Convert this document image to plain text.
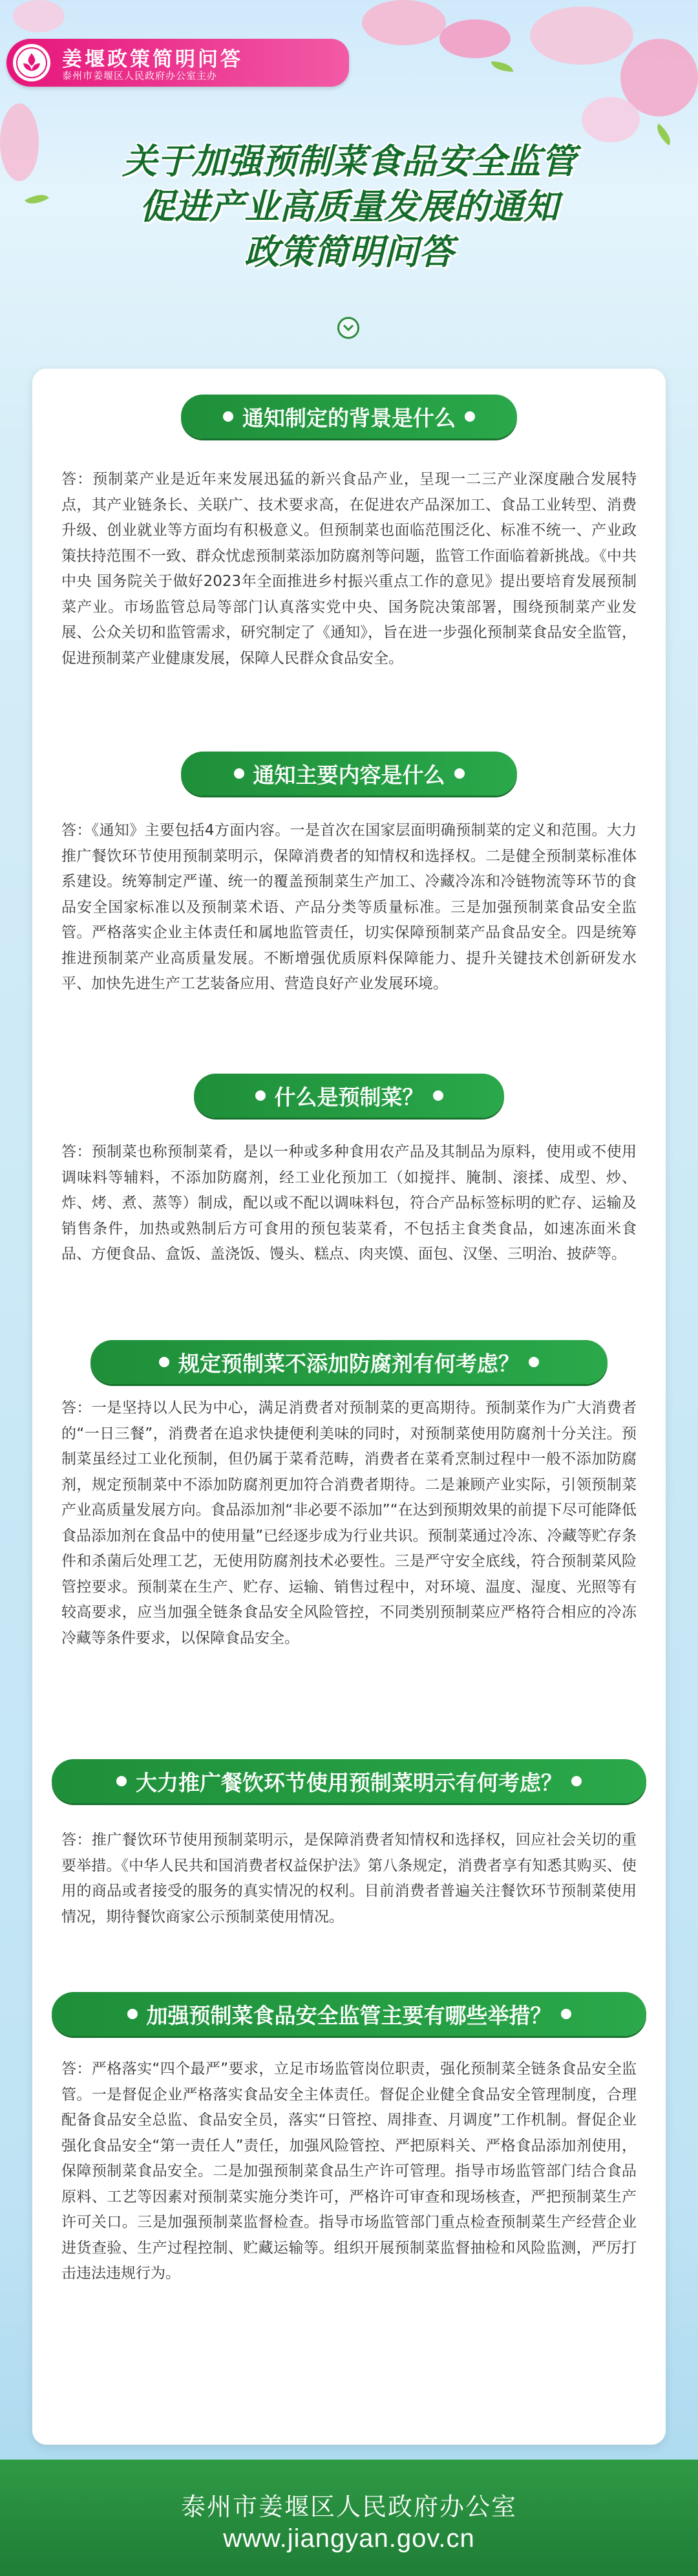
姜堰政策简明问答
泰州市姜堰区人民政府办公室主办
关于加强预制菜食品安全监管
促进产业高质量发展的通知
政策简明问答
通知制定的背景是什么
答：预制菜产业是近年来发展迅猛的新兴食品产业，呈现一二三产业深度融合发展特点，其产业链条长、关联广、技术要求高，在促进农产品深加工、食品工业转型、消费升级、创业就业等方面均有积极意义。但预制菜也面临范围泛化、标准不统一、产业政策扶持范围不一致、群众忧虑预制菜添加防腐剂等问题，监管工作面临着新挑战。《中共中央 国务院关于做好2023年全面推进乡村振兴重点工作的意见》提出要培育发展预制菜产业。市场监管总局等部门认真落实党中央、国务院决策部署，围绕预制菜产业发展、公众关切和监管需求，研究制定了《通知》，旨在进一步强化预制菜食品安全监管，促进预制菜产业健康发展，保障人民群众食品安全。
通知主要内容是什么
答：《通知》主要包括4方面内容。一是首次在国家层面明确预制菜的定义和范围。大力推广餐饮环节使用预制菜明示，保障消费者的知情权和选择权。二是健全预制菜标准体系建设。统筹制定严谨、统一的覆盖预制菜生产加工、冷藏冷冻和冷链物流等环节的食品安全国家标准以及预制菜术语、产品分类等质量标准。三是加强预制菜食品安全监管。严格落实企业主体责任和属地监管责任，切实保障预制菜产品食品安全。四是统筹推进预制菜产业高质量发展。不断增强优质原料保障能力、提升关键技术创新研发水平、加快先进生产工艺装备应用、营造良好产业发展环境。
什么是预制菜？
答：预制菜也称预制菜肴，是以一种或多种食用农产品及其制品为原料，使用或不使用调味料等辅料，不添加防腐剂，经工业化预加工（如搅拌、腌制、滚揉、成型、炒、炸、烤、煮、蒸等）制成，配以或不配以调味料包，符合产品标签标明的贮存、运输及销售条件，加热或熟制后方可食用的预包装菜肴，不包括主食类食品，如速冻面米食品、方便食品、盒饭、盖浇饭、馒头、糕点、肉夹馍、面包、汉堡、三明治、披萨等。
规定预制菜不添加防腐剂有何考虑？
答：一是坚持以人民为中心，满足消费者对预制菜的更高期待。预制菜作为广大消费者的“一日三餐”，消费者在追求快捷便利美味的同时，对预制菜使用防腐剂十分关注。预制菜虽经过工业化预制，但仍属于菜肴范畴，消费者在菜肴烹制过程中一般不添加防腐剂，规定预制菜中不添加防腐剂更加符合消费者期待。二是兼顾产业实际，引领预制菜产业高质量发展方向。食品添加剂“非必要不添加”“在达到预期效果的前提下尽可能降低食品添加剂在食品中的使用量”已经逐步成为行业共识。预制菜通过冷冻、冷藏等贮存条件和杀菌后处理工艺，无使用防腐剂技术必要性。三是严守安全底线，符合预制菜风险管控要求。预制菜在生产、贮存、运输、销售过程中，对环境、温度、湿度、光照等有较高要求，应当加强全链条食品安全风险管控，不同类别预制菜应严格符合相应的冷冻冷藏等条件要求，以保障食品安全。
大力推广餐饮环节使用预制菜明示有何考虑？
答：推广餐饮环节使用预制菜明示，是保障消费者知情权和选择权，回应社会关切的重要举措。《中华人民共和国消费者权益保护法》第八条规定，消费者享有知悉其购买、使用的商品或者接受的服务的真实情况的权利。目前消费者普遍关注餐饮环节预制菜使用情况，期待餐饮商家公示预制菜使用情况。
加强预制菜食品安全监管主要有哪些举措？
答：严格落实“四个最严”要求，立足市场监管岗位职责，强化预制菜全链条食品安全监管。一是督促企业严格落实食品安全主体责任。督促企业健全食品安全管理制度，合理配备食品安全总监、食品安全员，落实“日管控、周排查、月调度”工作机制。督促企业强化食品安全“第一责任人”责任，加强风险管控、严把原料关、严格食品添加剂使用，保障预制菜食品安全。二是加强预制菜食品生产许可管理。指导市场监管部门结合食品原料、工艺等因素对预制菜实施分类许可，严格许可审查和现场核查，严把预制菜生产许可关口。三是加强预制菜监督检查。指导市场监管部门重点检查预制菜生产经营企业进货查验、生产过程控制、贮藏运输等。组织开展预制菜监督抽检和风险监测，严厉打击违法违规行为。
泰州市姜堰区人民政府办公室
www.jiangyan.gov.cn
